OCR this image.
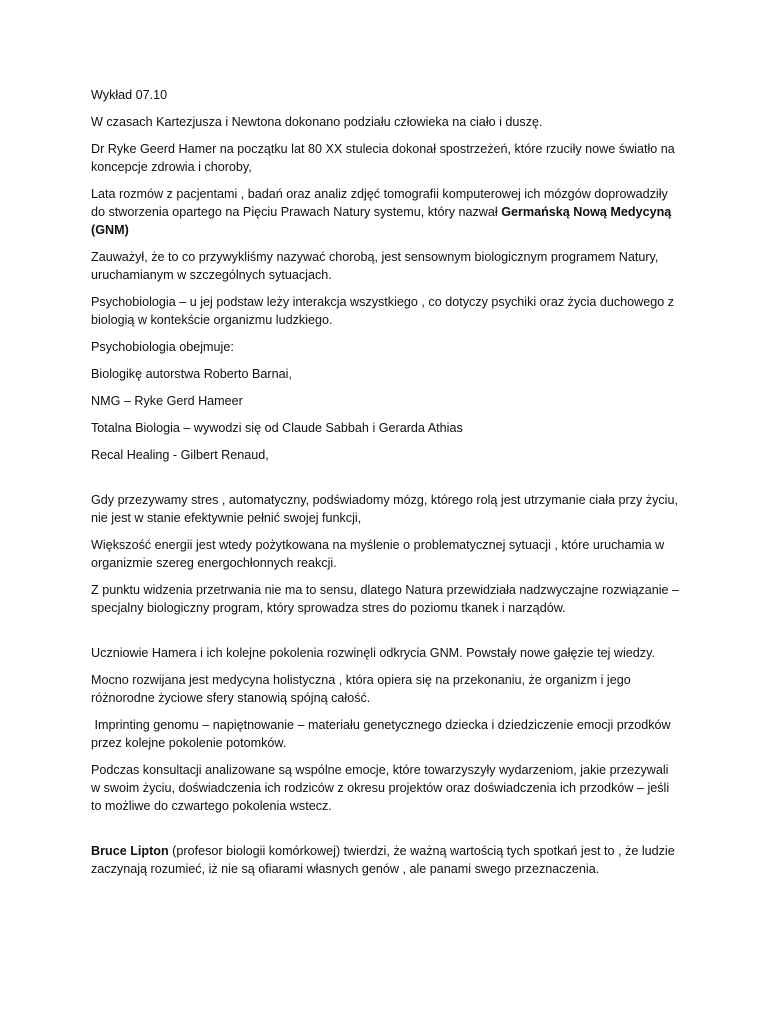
Wykład 07.10

W czasach Kartezjusza i Newtona dokonano podziału człowieka na ciało i duszę.

Dr Ryke Geerd Hamer na początku lat 80 XX stulecia dokonał spostrzeżeń, które rzuciły nowe światło na koncepcje zdrowia i choroby,

Lata rozmów z pacjentami , badań oraz analiz zdjęć tomografii komputerowej ich mózgów doprowadziły do stworzenia opartego na Pięciu Prawach Natury systemu, który nazwał Germańską Nową Medycyną (GNM)

Zauważył, że to co przywykliśmy nazywać chorobą, jest sensownym biologicznym programem Natury, uruchamianym w szczególnych sytuacjach.

Psychobiologia – u jej podstaw leży interakcja wszystkiego , co dotyczy psychiki oraz życia duchowego z biologią w kontekście organizmu ludzkiego.

Psychobiologia obejmuje:

Biologikę autorstwa Roberto Barnai,

NMG – Ryke Gerd Hameer

Totalna Biologia – wywodzi się od Claude Sabbah i Gerarda Athias

Recal Healing - Gilbert Renaud,

Gdy przezywamy stres , automatyczny, podświadomy mózg, którego rolą jest utrzymanie ciała przy życiu, nie jest w stanie efektywnie pełnić swojej funkcji,

Większość energii jest wtedy pożytkowana na myślenie o problematycznej sytuacji , które uruchamia w organizmie szereg energochłonnych reakcji.

Z punktu widzenia przetrwania nie ma to sensu, dlatego Natura przewidziała nadzwyczajne rozwiązanie – specjalny biologiczny program, który sprowadza stres do poziomu tkanek i narządów.

Uczniowie Hamera i ich kolejne pokolenia rozwinęli odkrycia GNM. Powstały nowe gałęzie tej wiedzy.

Mocno rozwijana jest medycyna holistyczna , która opiera się na przekonaniu, że organizm i jego różnorodne życiowe sfery stanowią spójną całość.

Imprinting genomu – napiętnowanie – materiału genetycznego dziecka i dziedziczenie emocji przodków przez kolejne pokolenie potomków.

Podczas konsultacji analizowane są wspólne emocje, które towarzyszyły wydarzeniom, jakie przezywali w swoim życiu, doświadczenia ich rodziców z okresu projektów oraz doświadczenia ich przodków – jeśli to możliwe do czwartego pokolenia wstecz.

Bruce Lipton (profesor biologii komórkowej) twierdzi, że ważną wartością tych spotkań jest to , że ludzie zaczynają rozumieć, iż nie są ofiarami własnych genów , ale panami swego przeznaczenia.
